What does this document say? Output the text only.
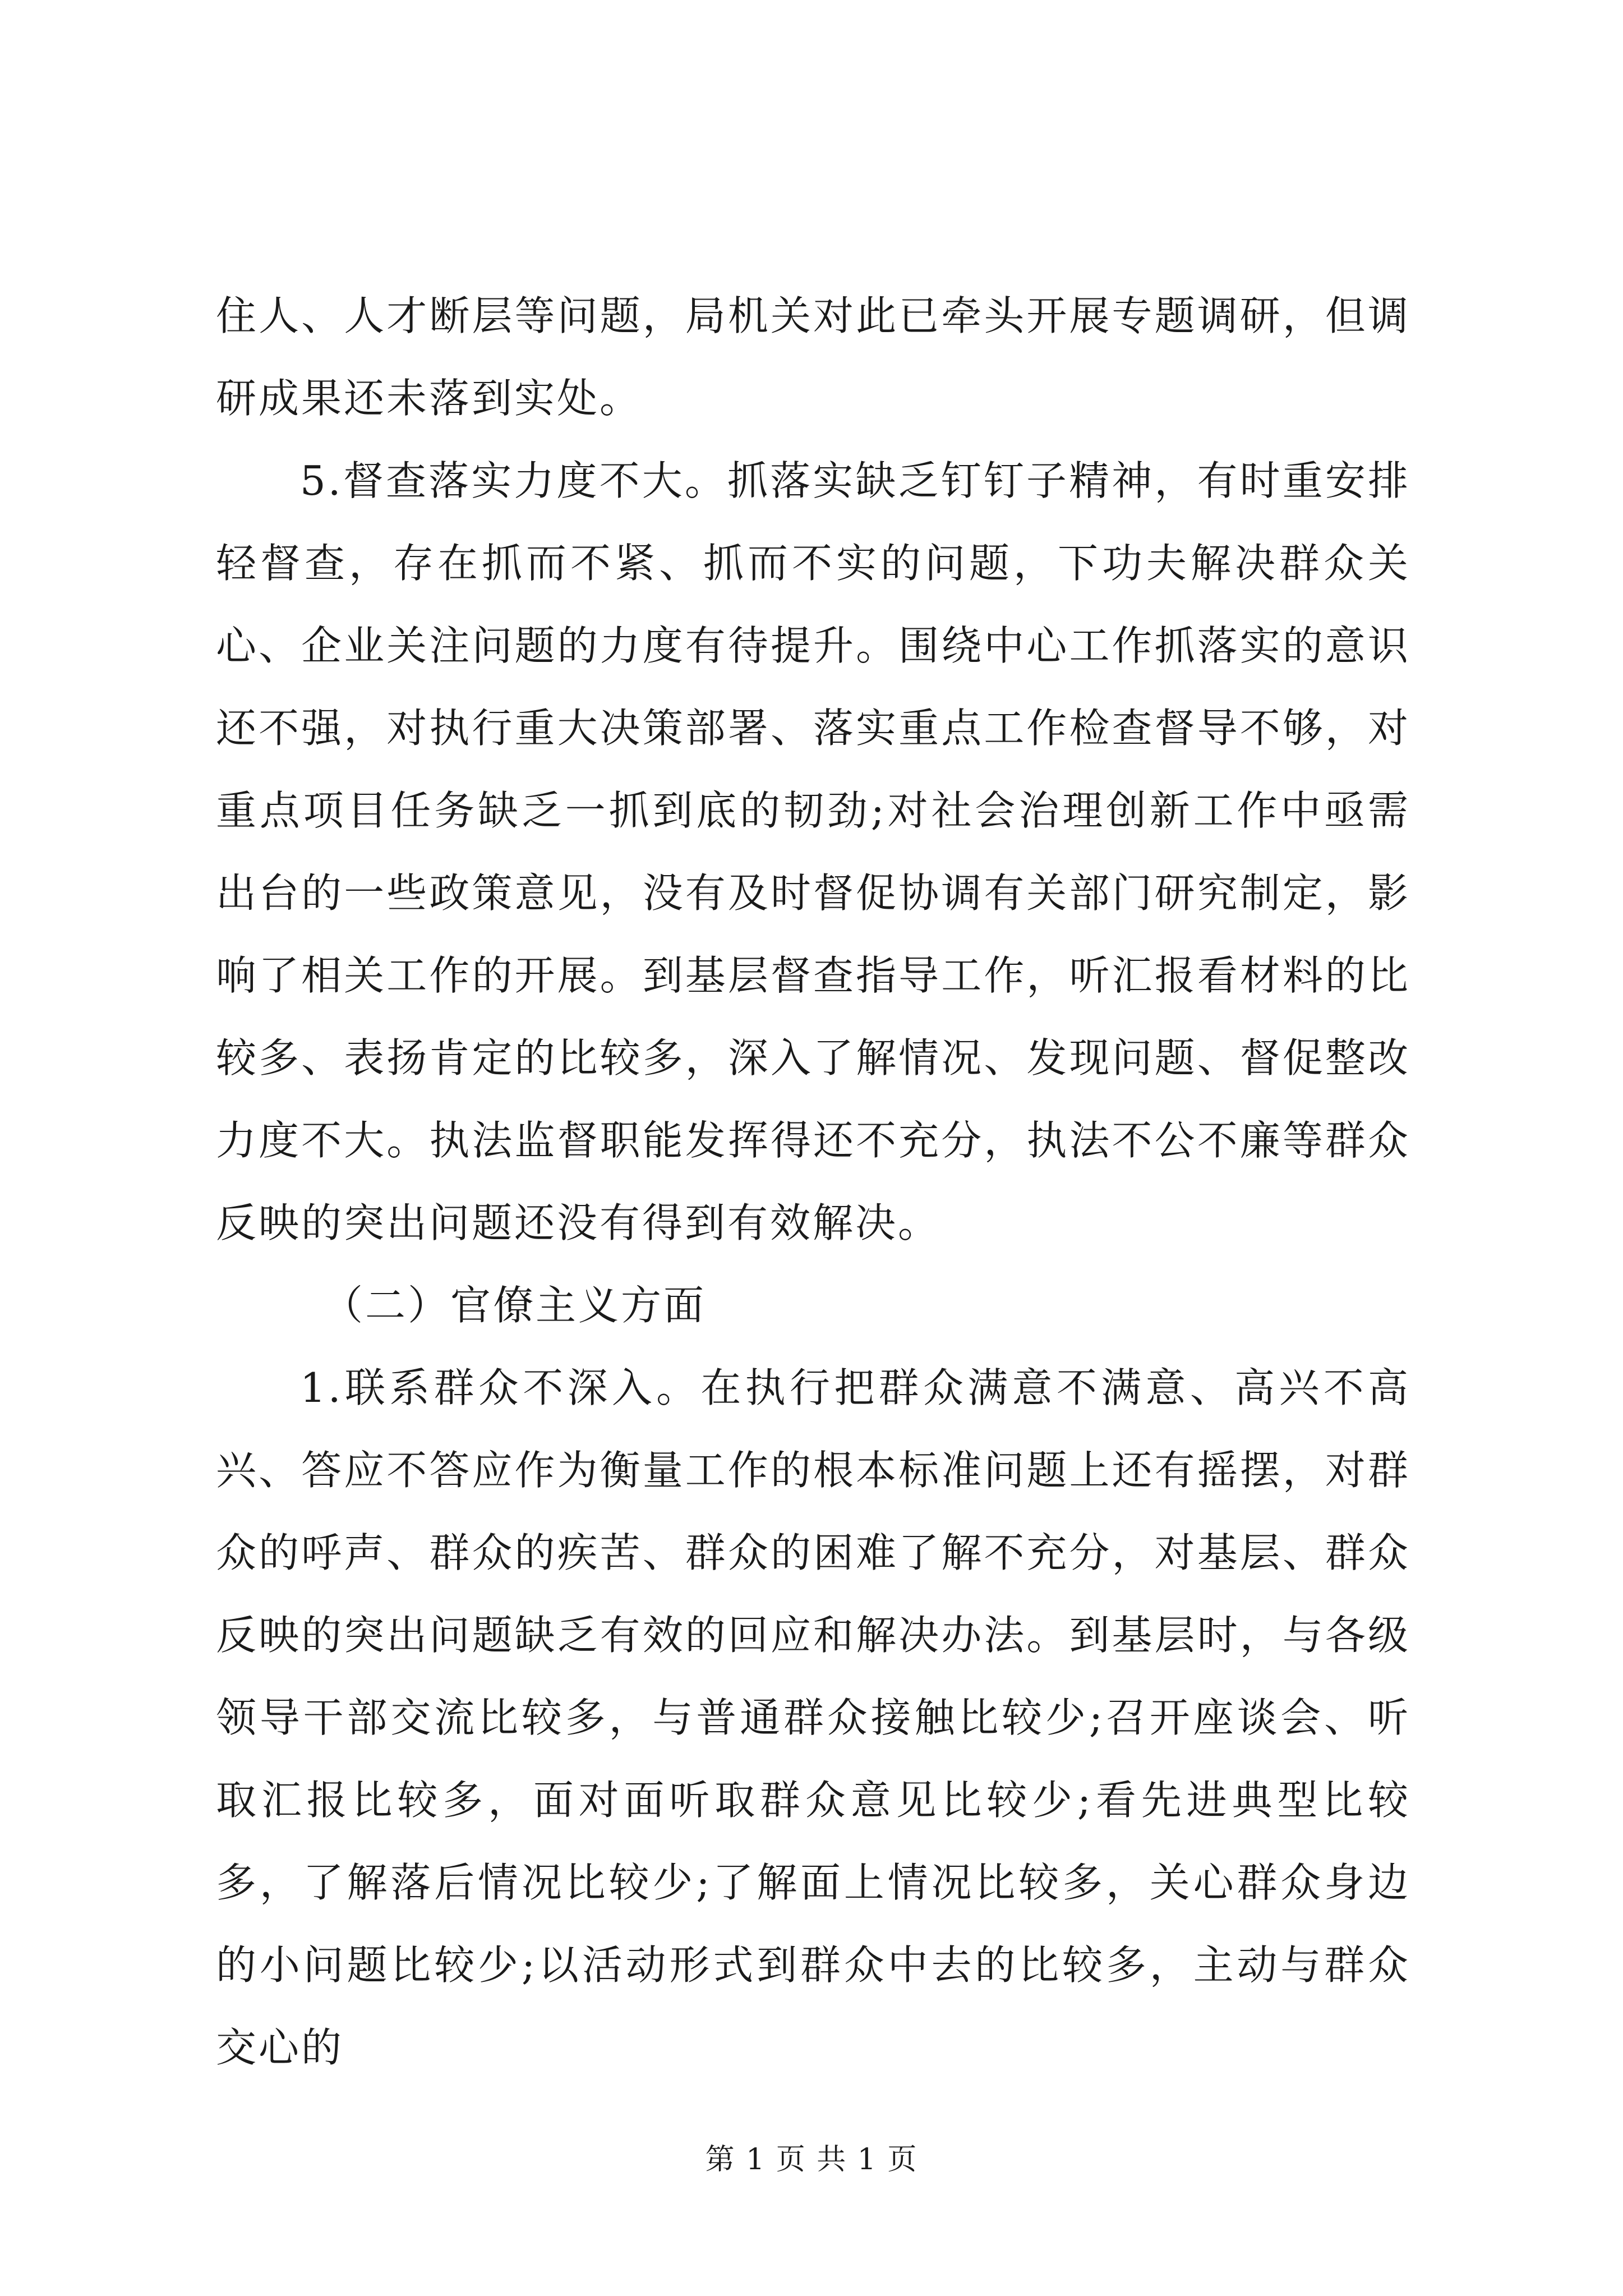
住人、人才断层等问题，局机关对此已牵头开展专题调研，但调研成果还未落到实处。

5.督查落实力度不大。抓落实缺乏钉钉子精神，有时重安排轻督查，存在抓而不紧、抓而不实的问题，下功夫解决群众关心、企业关注问题的力度有待提升。围绕中心工作抓落实的意识还不强，对执行重大决策部署、落实重点工作检查督导不够，对重点项目任务缺乏一抓到底的韧劲;对社会治理创新工作中亟需出台的一些政策意见，没有及时督促协调有关部门研究制定，影响了相关工作的开展。到基层督查指导工作，听汇报看材料的比较多、表扬肯定的比较多，深入了解情况、发现问题、督促整改力度不大。执法监督职能发挥得还不充分，执法不公不廉等群众反映的突出问题还没有得到有效解决。

（二）官僚主义方面

1.联系群众不深入。在执行把群众满意不满意、高兴不高兴、答应不答应作为衡量工作的根本标准问题上还有摇摆，对群众的呼声、群众的疾苦、群众的困难了解不充分，对基层、群众反映的突出问题缺乏有效的回应和解决办法。到基层时，与各级领导干部交流比较多，与普通群众接触比较少;召开座谈会、听取汇报比较多，面对面听取群众意见比较少;看先进典型比较多，了解落后情况比较少;了解面上情况比较多，关心群众身边的小问题比较少;以活动形式到群众中去的比较多，主动与群众交心的

第 1 页 共 1 页
